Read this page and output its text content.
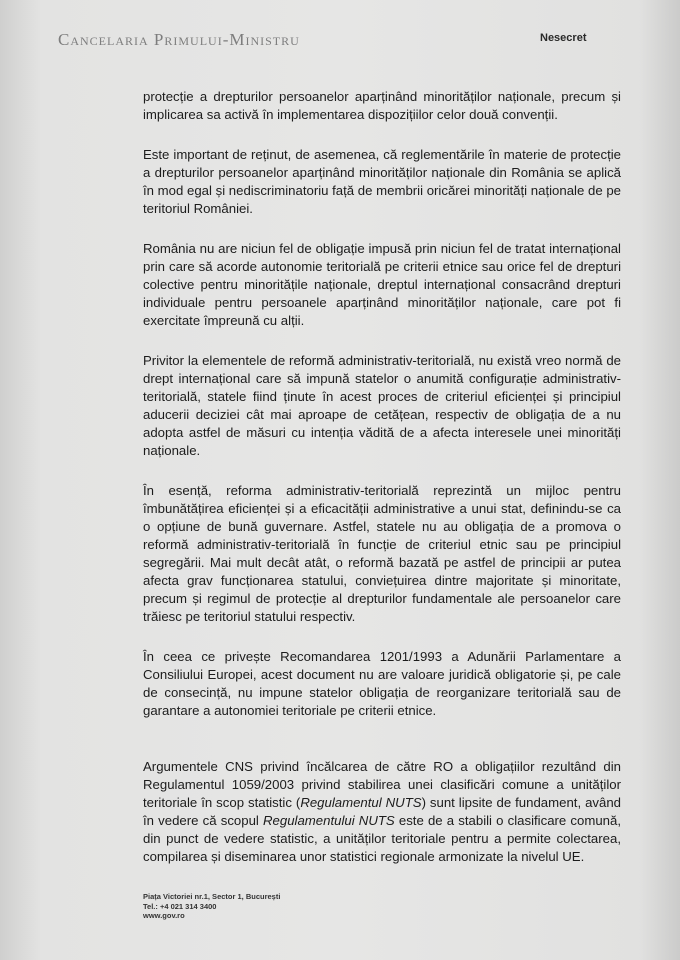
Cancelaria Primului-Ministru	Nesecret

protecție a drepturilor persoanelor aparținând minorităților naționale, precum și implicarea sa activă în implementarea dispozițiilor celor două convenții.

Este important de reținut, de asemenea, că reglementările în materie de protecție a drepturilor persoanelor aparținând minorităților naționale din România se aplică în mod egal și nediscriminatoriu față de membrii oricărei minorități naționale de pe teritoriul României.

România nu are niciun fel de obligație impusă prin niciun fel de tratat internațional prin care să acorde autonomie teritorială pe criterii etnice sau orice fel de drepturi colective pentru minoritățile naționale, dreptul internațional consacrând drepturi individuale pentru persoanele aparținând minorităților naționale, care pot fi exercitate împreună cu alții.

Privitor la elementele de reformă administrativ-teritorială, nu există vreo normă de drept internațional care să impună statelor o anumită configurație administrativ-teritorială, statele fiind ținute în acest proces de criteriul eficienței și principiul aducerii deciziei cât mai aproape de cetățean, respectiv de obligația de a nu adopta astfel de măsuri cu intenția vădită de a afecta interesele unei minorități naționale.

În esență, reforma administrativ-teritorială reprezintă un mijloc pentru îmbunătățirea eficienței și a eficacității administrative a unui stat, definindu-se ca o opțiune de bună guvernare. Astfel, statele nu au obligația de a promova o reformă administrativ-teritorială în funcție de criteriul etnic sau pe principiul segregării. Mai mult decât atât, o reformă bazată pe astfel de principii ar putea afecta grav funcționarea statului, conviețuirea dintre majoritate și minoritate, precum și regimul de protecție al drepturilor fundamentale ale persoanelor care trăiesc pe teritoriul statului respectiv.

În ceea ce privește Recomandarea 1201/1993 a Adunării Parlamentare a Consiliului Europei, acest document nu are valoare juridică obligatorie și, pe cale de consecință, nu impune statelor obligația de reorganizare teritorială sau de garantare a autonomiei teritoriale pe criterii etnice.

Argumentele CNS privind încălcarea de către RO a obligațiilor rezultând din Regulamentul 1059/2003 privind stabilirea unei clasificări comune a unităților teritoriale în scop statistic (Regulamentul NUTS) sunt lipsite de fundament, având în vedere că scopul Regulamentului NUTS este de a stabili o clasificare comună, din punct de vedere statistic, a unităților teritoriale pentru a permite colectarea, compilarea și diseminarea unor statistici regionale armonizate la nivelul UE.

Piața Victoriei nr.1, Sector 1, București
Tel.: +4 021 314 3400
www.gov.ro
